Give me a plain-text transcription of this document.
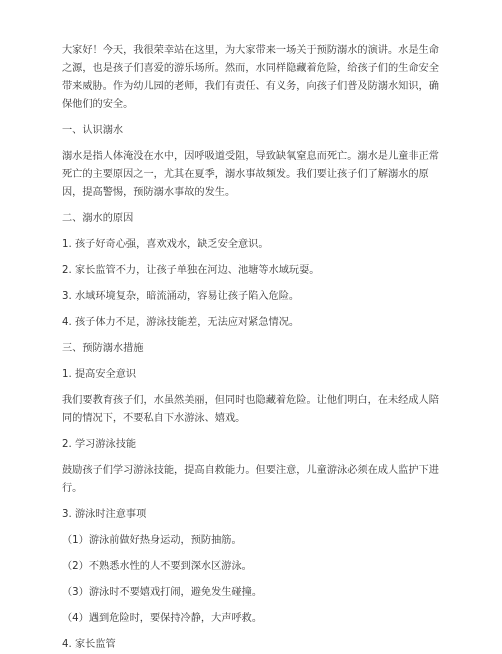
大家好！今天，我很荣幸站在这里，为大家带来一场关于预防溺水的演讲。水是生命之源，也是孩子们喜爱的游乐场所。然而，水同样隐藏着危险，给孩子们的生命安全带来威胁。作为幼儿园的老师，我们有责任、有义务，向孩子们普及防溺水知识，确保他们的安全。

一、认识溺水

溺水是指人体淹没在水中，因呼吸道受阻，导致缺氧窒息而死亡。溺水是儿童非正常死亡的主要原因之一，尤其在夏季，溺水事故频发。我们要让孩子们了解溺水的原因，提高警惕，预防溺水事故的发生。

二、溺水的原因

1. 孩子好奇心强，喜欢戏水，缺乏安全意识。

2. 家长监管不力，让孩子单独在河边、池塘等水域玩耍。

3. 水域环境复杂，暗流涌动，容易让孩子陷入危险。

4. 孩子体力不足，游泳技能差，无法应对紧急情况。

三、预防溺水措施

1. 提高安全意识

我们要教育孩子们，水虽然美丽，但同时也隐藏着危险。让他们明白，在未经成人陪同的情况下，不要私自下水游泳、嬉戏。

2. 学习游泳技能

鼓励孩子们学习游泳技能，提高自救能力。但要注意，儿童游泳必须在成人监护下进行。

3. 游泳时注意事项

（1）游泳前做好热身运动，预防抽筋。

（2）不熟悉水性的人不要到深水区游泳。

（3）游泳时不要嬉戏打闹，避免发生碰撞。

（4）遇到危险时，要保持冷静，大声呼救。

4. 家长监管
